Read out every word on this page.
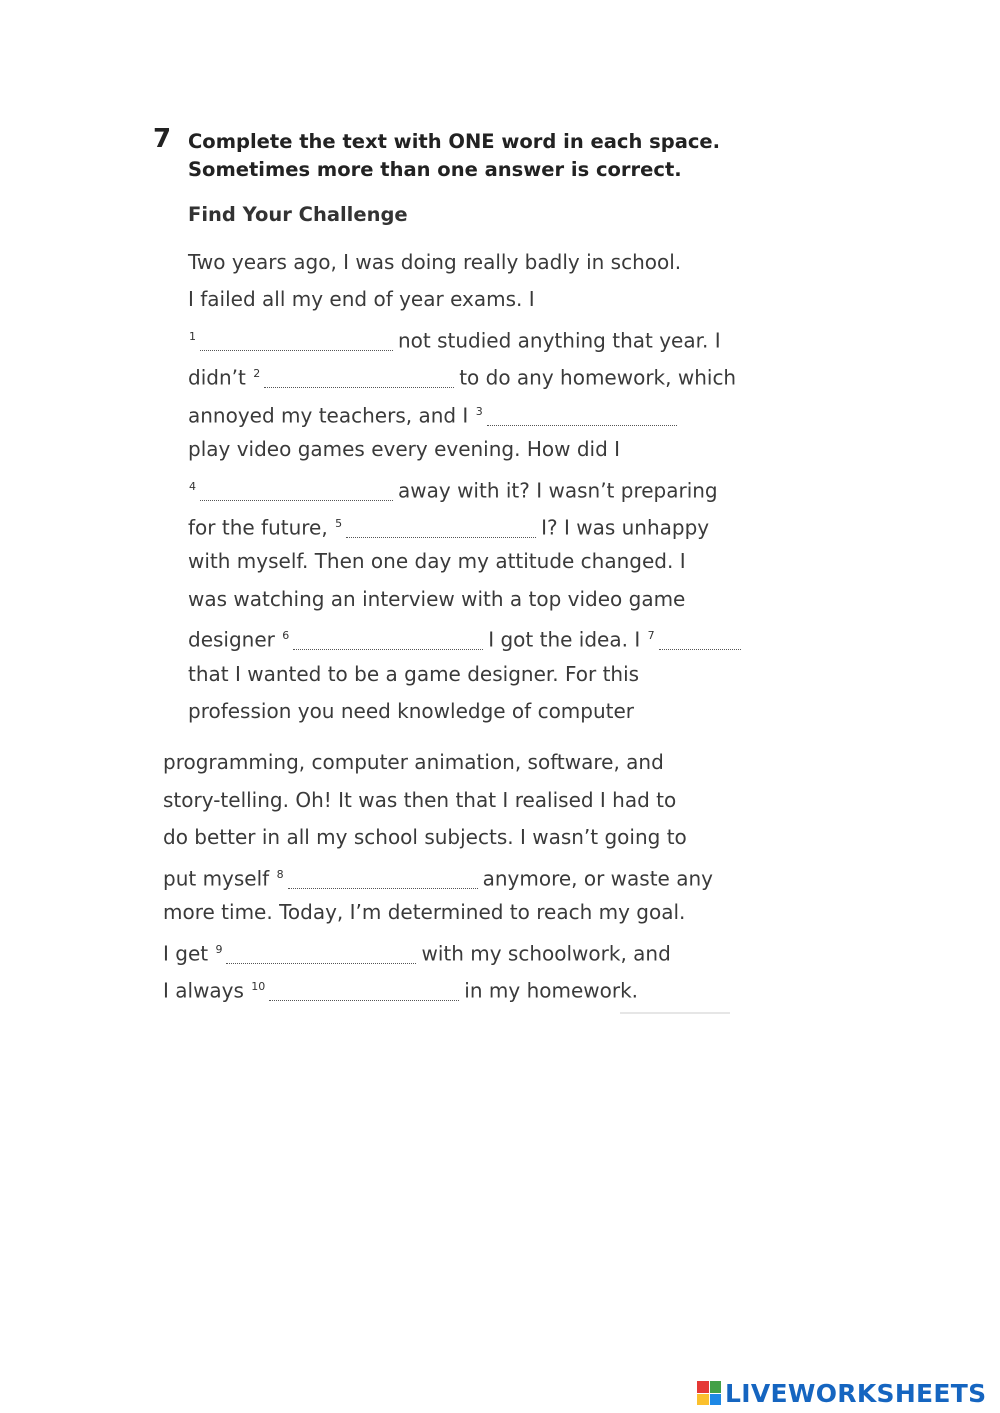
7 Complete the text with ONE word in each space.
Sometimes more than one answer is correct.
Find Your Challenge
Two years ago, I was doing really badly in school.
I failed all my end of year exams. I
$^1$	not studied anything that year. I
didn’t $^2$	to do any homework, which
annoyed my teachers, and I $^3$
play video games every evening. How did I
$^4$	away with it? I wasn’t preparing
for the future, $^5$	I? I was unhappy
with myself. Then one day my attitude changed. I
was watching an interview with a top video game
designer $^6$	I got the idea. I $^7$
that I wanted to be a game designer. For this
profession you need knowledge of computer
programming, computer animation, software, and
story-telling. Oh! It was then that I realised I had to
do better in all my school subjects. I wasn’t going to
put myself $^8$	anymore, or waste any
more time. Today, I’m determined to reach my goal.
I get $^9$	with my schoolwork, and
I always $^{10}$	in my homework.
LIVEWORKSHEETS
